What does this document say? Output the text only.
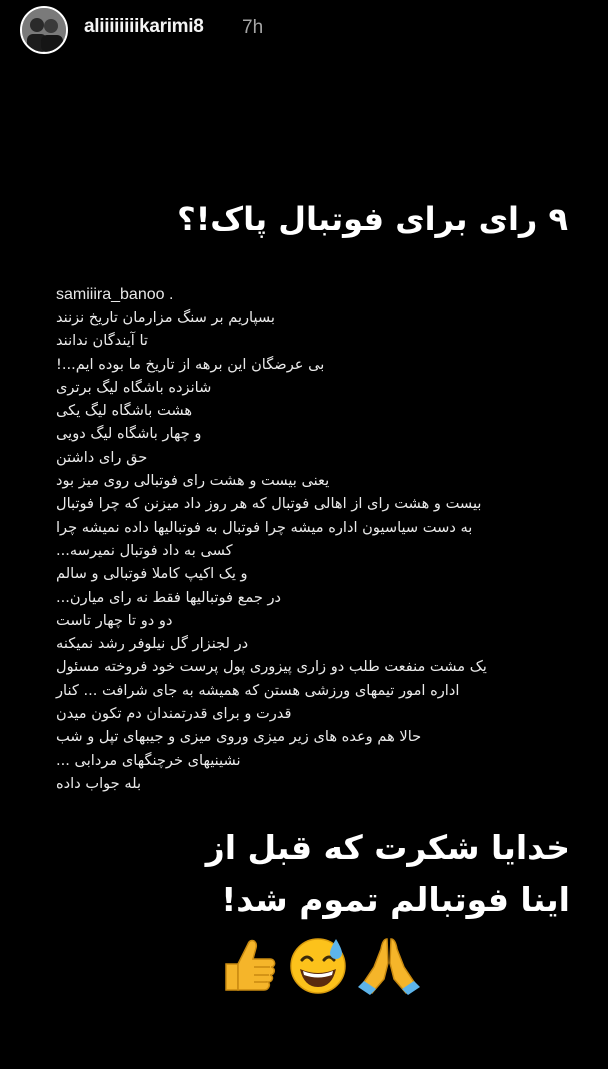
aliiiiiiiikarimi8 7h
۹ رای برای فوتبال پاک!؟
samiiira_banoo .
بسپاریم بر سنگ مزارمان تاریخ نزنند
تا آیندگان ندانند
بی عرضگان این برهه از تاریخ ما بوده ایم...!
شانزده باشگاه لیگ برتری
هشت باشگاه لیگ یکی
و چهار باشگاه لیگ دویی
حق رای داشتن
یعنی بیست و هشت رای فوتبالی روی میز بود
بیست و هشت رای از اهالی فوتبال که هر روز داد میزنن که چرا فوتبال
به دست سیاسیون اداره میشه چرا فوتبال به فوتبالیها داده نمیشه چرا
کسی به داد فوتبال نمیرسه...
و یک اکیپ کاملا فوتبالی و سالم
در جمع فوتبالیها فقط نه رای میارن...
دو دو تا چهار تاست
در لجنزار گل نیلوفر رشد نمیکنه
یک مشت منفعت طلب دو زاری پیزوری پول پرست خود فروخته مسئول
اداره امور تیمهای ورزشی هستن که همیشه به جای شرافت ... کنار
قدرت و برای قدرتمندان دم تکون میدن
حالا هم وعده های زیر میزی وروی میزی و جیبهای تپل و شب
نشینیهای خرچنگهای مردابی ...
بله جواب داده
خدایا شکرت که قبل از
اینا فوتبالم تموم شد!
